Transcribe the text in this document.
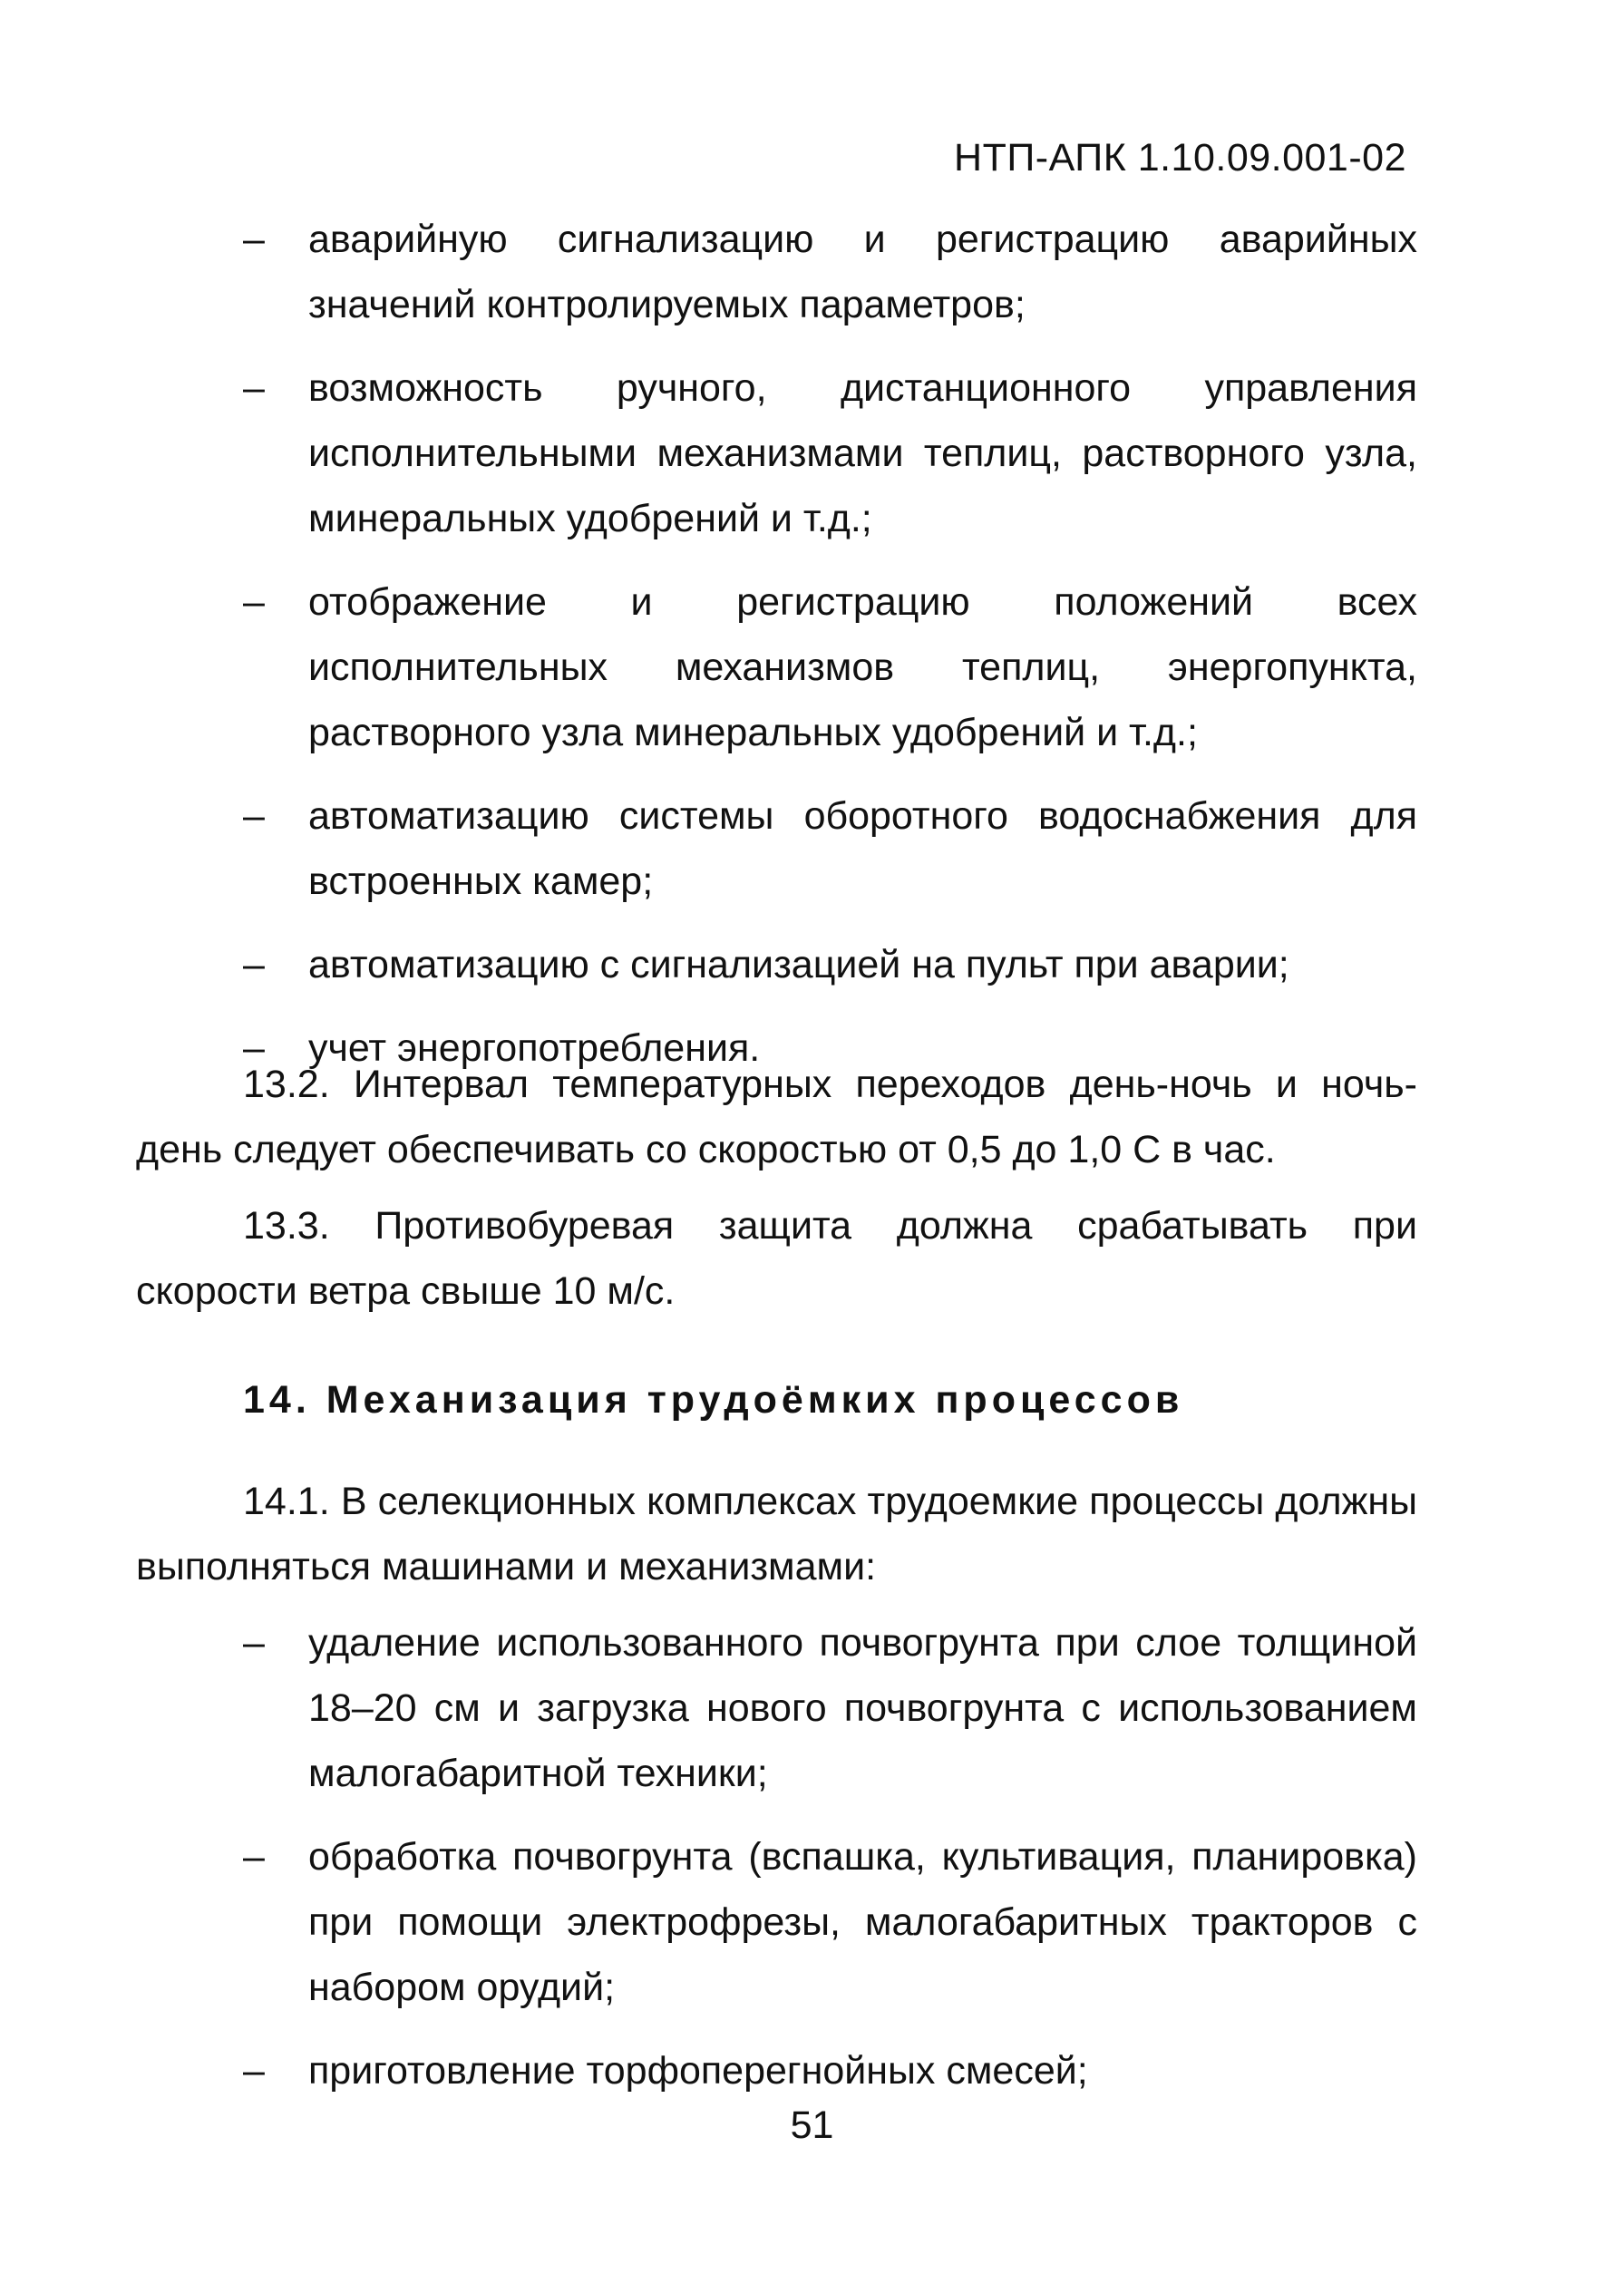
НТП-АПК 1.10.09.001-02
– аварийную сигнализацию и регистрацию аварийных значений контролируемых параметров;
– возможность ручного, дистанционного управления исполнительными механизмами теплиц, растворного узла, минеральных удобрений и т.д.;
– отображение и регистрацию положений всех исполнительных механизмов теплиц, энергопункта, растворного узла минеральных удобрений и т.д.;
– автоматизацию системы оборотного водоснабжения для встроенных камер;
– автоматизацию с сигнализацией на пульт при аварии;
– учет энергопотребления.

13.2. Интервал температурных переходов день-ночь и ночь-день следует обеспечивать со скоростью от 0,5 до 1,0 С в час.

13.3. Противобуревая защита должна срабатывать при скорости ветра свыше 10 м/с.

14. Механизация трудоёмких процессов

14.1. В селекционных комплексах трудоемкие процессы должны выполняться машинами и механизмами:

– удаление использованного почвогрунта при слое толщиной 18–20 см и загрузка нового почвогрунта с использованием малогабаритной техники;
– обработка почвогрунта (вспашка, культивация, планировка) при помощи электрофрезы, малогабаритных тракторов с набором орудий;
– приготовление торфоперегнойных смесей;
51
